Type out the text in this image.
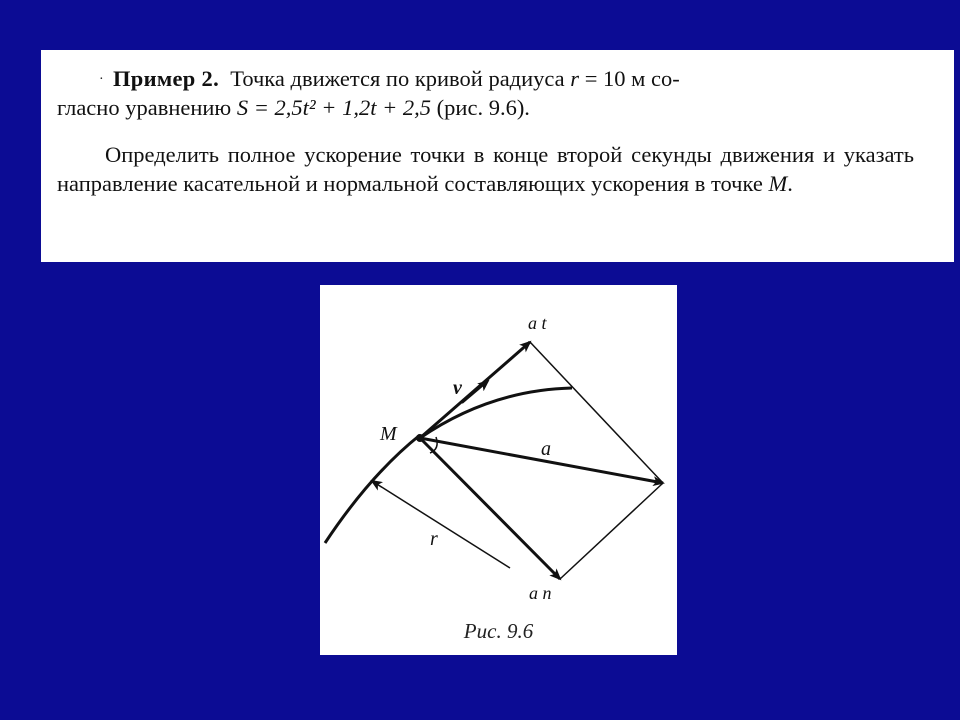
· Пример 2. Точка движется по кривой радиуса r = 10 м со-
гласно уравнению S = 2,5t² + 1,2t + 2,5 (рис. 9.6).

Определить полное ускорение точки в конце второй секунды движения и указать направление касательной и нормальной составляющих ускорения в точке M.

M
a t
v
a
a n
r
Рис. 9.6
